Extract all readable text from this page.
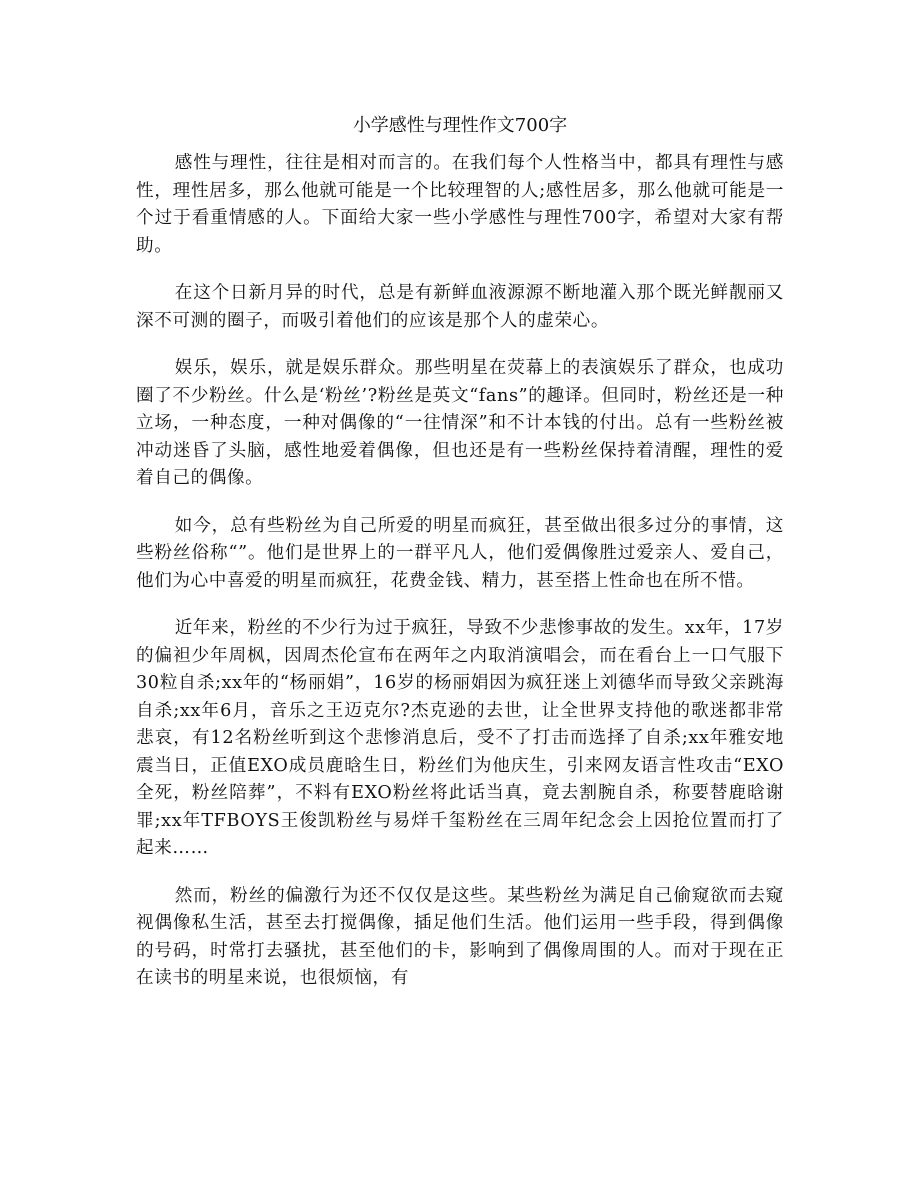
小学感性与理性作文700字

感性与理性，往往是相对而言的。在我们每个人性格当中，都具有理性与感性，理性居多，那么他就可能是一个比较理智的人;感性居多，那么他就可能是一个过于看重情感的人。下面给大家一些小学感性与理性700字，希望对大家有帮助。

在这个日新月异的时代，总是有新鲜血液源源不断地灌入那个既光鲜靓丽又深不可测的圈子，而吸引着他们的应该是那个人的虚荣心。

娱乐，娱乐，就是娱乐群众。那些明星在荧幕上的表演娱乐了群众，也成功圈了不少粉丝。什么是‘粉丝’?粉丝是英文“fans”的趣译。但同时，粉丝还是一种立场，一种态度，一种对偶像的“一往情深”和不计本钱的付出。总有一些粉丝被冲动迷昏了头脑，感性地爱着偶像，但也还是有一些粉丝保持着清醒，理性的爱着自己的偶像。

如今，总有些粉丝为自己所爱的明星而疯狂，甚至做出很多过分的事情，这些粉丝俗称“”。他们是世界上的一群平凡人，他们爱偶像胜过爱亲人、爱自己，他们为心中喜爱的明星而疯狂，花费金钱、精力，甚至搭上性命也在所不惜。

近年来，粉丝的不少行为过于疯狂，导致不少悲惨事故的发生。xx年，17岁的偏袒少年周枫，因周杰伦宣布在两年之内取消演唱会，而在看台上一口气服下30粒自杀;xx年的“杨丽娟”，16岁的杨丽娟因为疯狂迷上刘德华而导致父亲跳海自杀;xx年6月，音乐之王迈克尔?杰克逊的去世，让全世界支持他的歌迷都非常悲哀，有12名粉丝听到这个悲惨消息后，受不了打击而选择了自杀;xx年雅安地震当日，正值EXO成员鹿晗生日，粉丝们为他庆生，引来网友语言性攻击“EXO全死，粉丝陪葬”，不料有EXO粉丝将此话当真，竟去割腕自杀，称要替鹿晗谢罪;xx年TFBOYS王俊凯粉丝与易烊千玺粉丝在三周年纪念会上因抢位置而打了起来……

然而，粉丝的偏激行为还不仅仅是这些。某些粉丝为满足自己偷窥欲而去窥视偶像私生活，甚至去打搅偶像，插足他们生活。他们运用一些手段，得到偶像的号码，时常打去骚扰，甚至他们的卡，影响到了偶像周围的人。而对于现在正在读书的明星来说，也很烦恼，有
